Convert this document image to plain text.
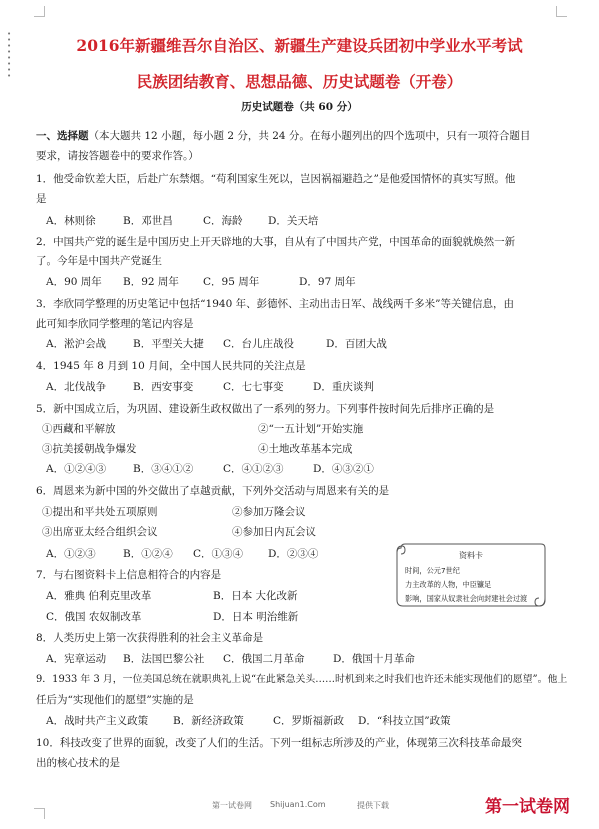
• •
• •
• •
• •
2016年新疆维吾尔自治区、新疆生产建设兵团初中学业水平考试
民族团结教育、思想品德、历史试题卷（开卷）
历史试题卷（共 60 分）
一、选择题（本大题共 12 小题，每小题 2 分，共 24 分。在每小题列出的四个选项中，只有一项符合题目
要求，请按答题卷中的要求作答。）
1．他受命钦差大臣，后赴广东禁烟。“苟利国家生死以，岂因祸福避趋之”是他爱国情怀的真实写照。他
是
A．林则徐	B．邓世昌	C．海龄 D．关天培
2．中国共产党的诞生是中国历史上开天辟地的大事，自从有了中国共产党，中国革命的面貌就焕然一新
了。今年是中国共产党诞生
A．90 周年 B．92 周年 C．95 周年	D．97 周年
3．李欣同学整理的历史笔记中包括“1940 年、彭德怀、主动出击日军、战线两千多米”等关键信息，由
此可知李欣同学整理的笔记内容是
A．淞沪会战	B．平型关大捷 C．台儿庄战役	D．百团大战
4．1945 年 8 月到 10 月间，全中国人民共同的关注点是
A．北伐战争	B．西安事变	C．七七事变	D．重庆谈判
5．新中国成立后，为巩固、建设新生政权做出了一系列的努力。下列事件按时间先后排序正确的是
①西藏和平解放	②“一五计划”开始实施
③抗美援朝战争爆发	④土地改革基本完成
A．①②④③	B．③④①②	C．④①②③	D．④③②①
6．周恩来为新中国的外交做出了卓越贡献，下列外交活动与周恩来有关的是
①提出和平共处五项原则	②参加万隆会议
③出席亚太经合组织会议	④参加日内瓦会议
A．①②③	B．①②④ C．①③④ D．②③④
7．与右图资料卡上信息相符合的内容是
A．雅典 伯利克里改革	B．日本 大化改新
C．俄国 农奴制改革	D．日本 明治维新
资料卡
时间，公元7世纪
力主改革的人物，中臣镰足
影响，国家从奴隶社会向封建社会过渡
8．人类历史上第一次获得胜利的社会主义革命是
A．宪章运动 B．法国巴黎公社 C．俄国二月革命	D．俄国十月革命
9．1933 年 3 月，一位美国总统在就职典礼上说“在此紧急关头……时机到来之时我们也许还未能实现他们的愿望”。他上
任后为“实现他们的愿望”实施的是
A．战时共产主义政策 B．新经济政策	C．罗斯福新政 D．“科技立国”政策
10．科技改变了世界的面貌，改变了人们的生活。下列一组标志所涉及的产业，体现第三次科技革命最突
出的核心技术的是
第一试卷网 Shijuan1.Com	提供下载	第一试卷网
